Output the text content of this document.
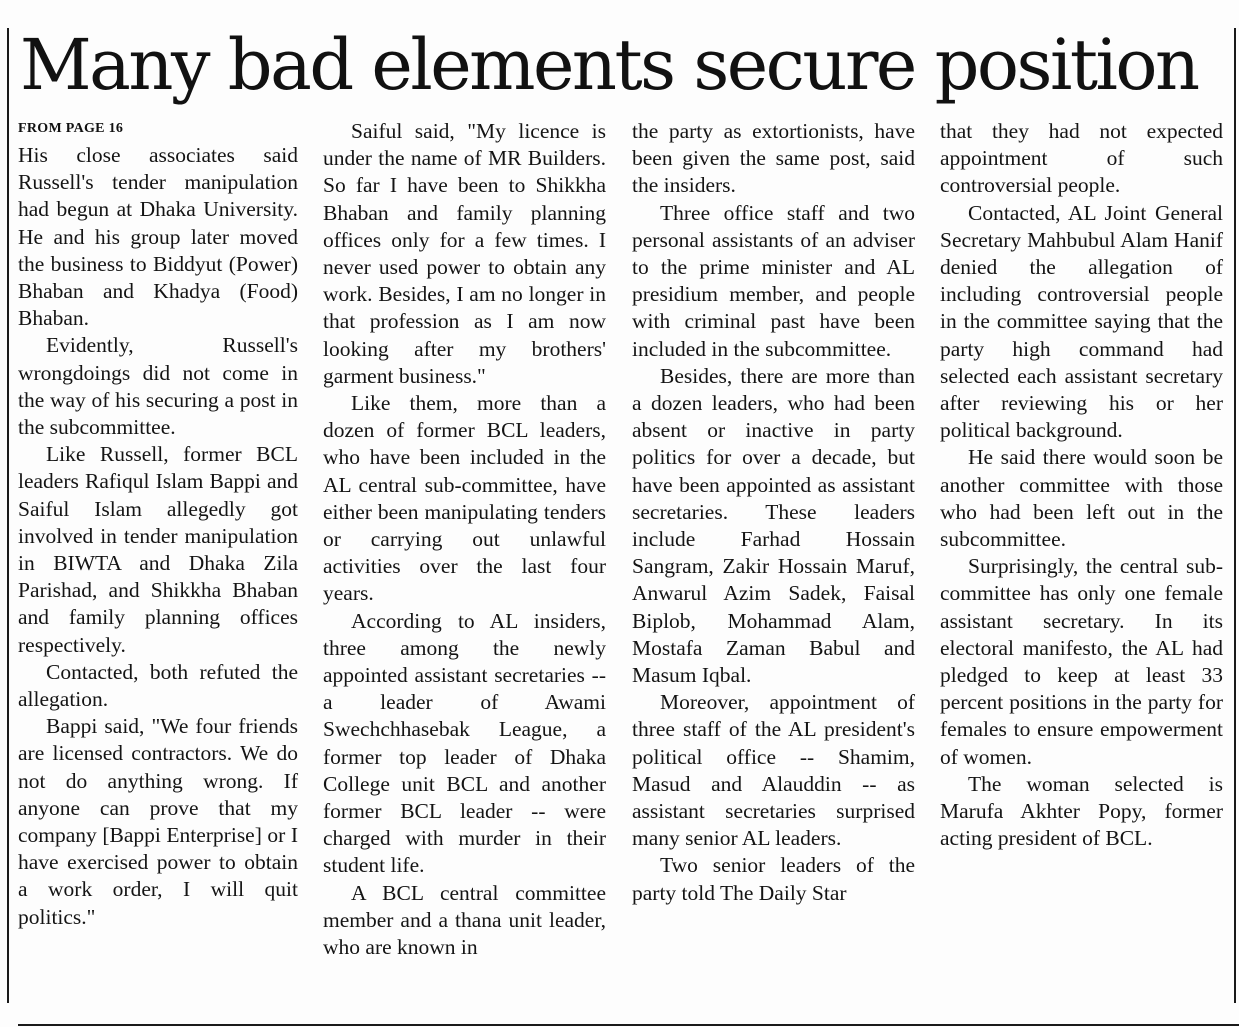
Many bad elements secure position
FROM PAGE 16

His close associates said Russell's tender manipulation had begun at Dhaka University. He and his group later moved the business to Biddyut (Power) Bhaban and Khadya (Food) Bhaban.

Evidently, Russell's wrongdoings did not come in the way of his securing a post in the subcommittee.

Like Russell, former BCL leaders Rafiqul Islam Bappi and Saiful Islam allegedly got involved in tender manipulation in BIWTA and Dhaka Zila Parishad, and Shikkha Bhaban and family planning offices respectively.

Contacted, both refuted the allegation.

Bappi said, "We four friends are licensed contractors. We do not do anything wrong. If anyone can prove that my company [Bappi Enterprise] or I have exercised power to obtain a work order, I will quit politics."

Saiful said, "My licence is under the name of MR Builders. So far I have been to Shikkha Bhaban and family planning offices only for a few times. I never used power to obtain any work. Besides, I am no longer in that profession as I am now looking after my brothers' garment business."

Like them, more than a dozen of former BCL leaders, who have been included in the AL central sub-committee, have either been manipulating tenders or carrying out unlawful activities over the last four years.

According to AL insiders, three among the newly appointed assistant secretaries -- a leader of Awami Swechchhasebak League, a former top leader of Dhaka College unit BCL and another former BCL leader -- were charged with murder in their student life.

A BCL central committee member and a thana unit leader, who are known in

the party as extortionists, have been given the same post, said the insiders.

Three office staff and two personal assistants of an adviser to the prime minister and AL presidium member, and people with criminal past have been included in the subcommittee.

Besides, there are more than a dozen leaders, who had been absent or inactive in party politics for over a decade, but have been appointed as assistant secretaries. These leaders include Farhad Hossain Sangram, Zakir Hossain Maruf, Anwarul Azim Sadek, Faisal Biplob, Mohammad Alam, Mostafa Zaman Babul and Masum Iqbal.

Moreover, appointment of three staff of the AL president's political office -- Shamim, Masud and Alauddin -- as assistant secretaries surprised many senior AL leaders.

Two senior leaders of the party told The Daily Star

that they had not expected appointment of such controversial people.

Contacted, AL Joint General Secretary Mahbubul Alam Hanif denied the allegation of including controversial people in the committee saying that the party high command had selected each assistant secretary after reviewing his or her political background.

He said there would soon be another committee with those who had been left out in the subcommittee.

Surprisingly, the central sub-committee has only one female assistant secretary. In its electoral manifesto, the AL had pledged to keep at least 33 percent positions in the party for females to ensure empowerment of women.

The woman selected is Marufa Akhter Popy, former acting president of BCL.
